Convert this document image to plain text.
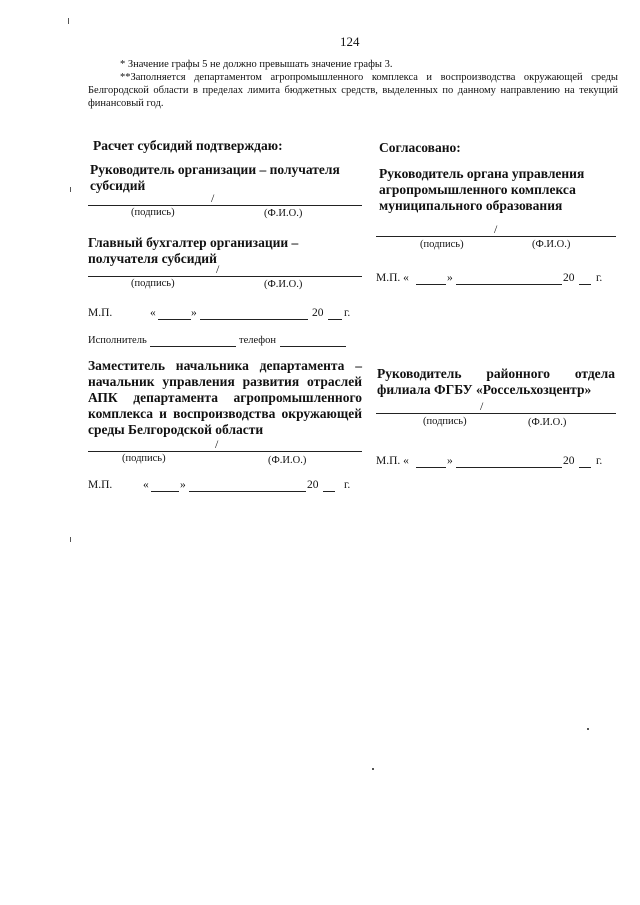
124

* Значение графы 5 не должно превышать значение графы 3.

**Заполняется департаментом агропромышленного комплекса и воспроизводства окружающей среды Белгородской области в пределах лимита бюджетных средств, выделенных по данному направлению на текущий финансовый год.

Расчет субсидий подтверждаю:
Руководитель организации – получателя субсидий
/
(подпись)	(Ф.И.О.)
Главный бухгалтер организации – получателя субсидий
/
(подпись)	(Ф.И.О.)
М.П.	«	»	20 г.
Исполнитель	телефон
Заместитель начальника департамента – начальник управления развития отраслей АПК департамента агропромышленного комплекса и воспроизводства окружающей среды Белгородской области
/
(подпись)	(Ф.И.О.)
М.П.	«	»	20 г.
Согласовано:
Руководитель органа управления агропромышленного комплекса муниципального образования
/
(подпись)	(Ф.И.О.)
М.П. «	»	20 г.
Руководитель районного отдела филиала ФГБУ «Россельхозцентр»
/
(подпись)	(Ф.И.О.)
М.П. «	»	20 г.
